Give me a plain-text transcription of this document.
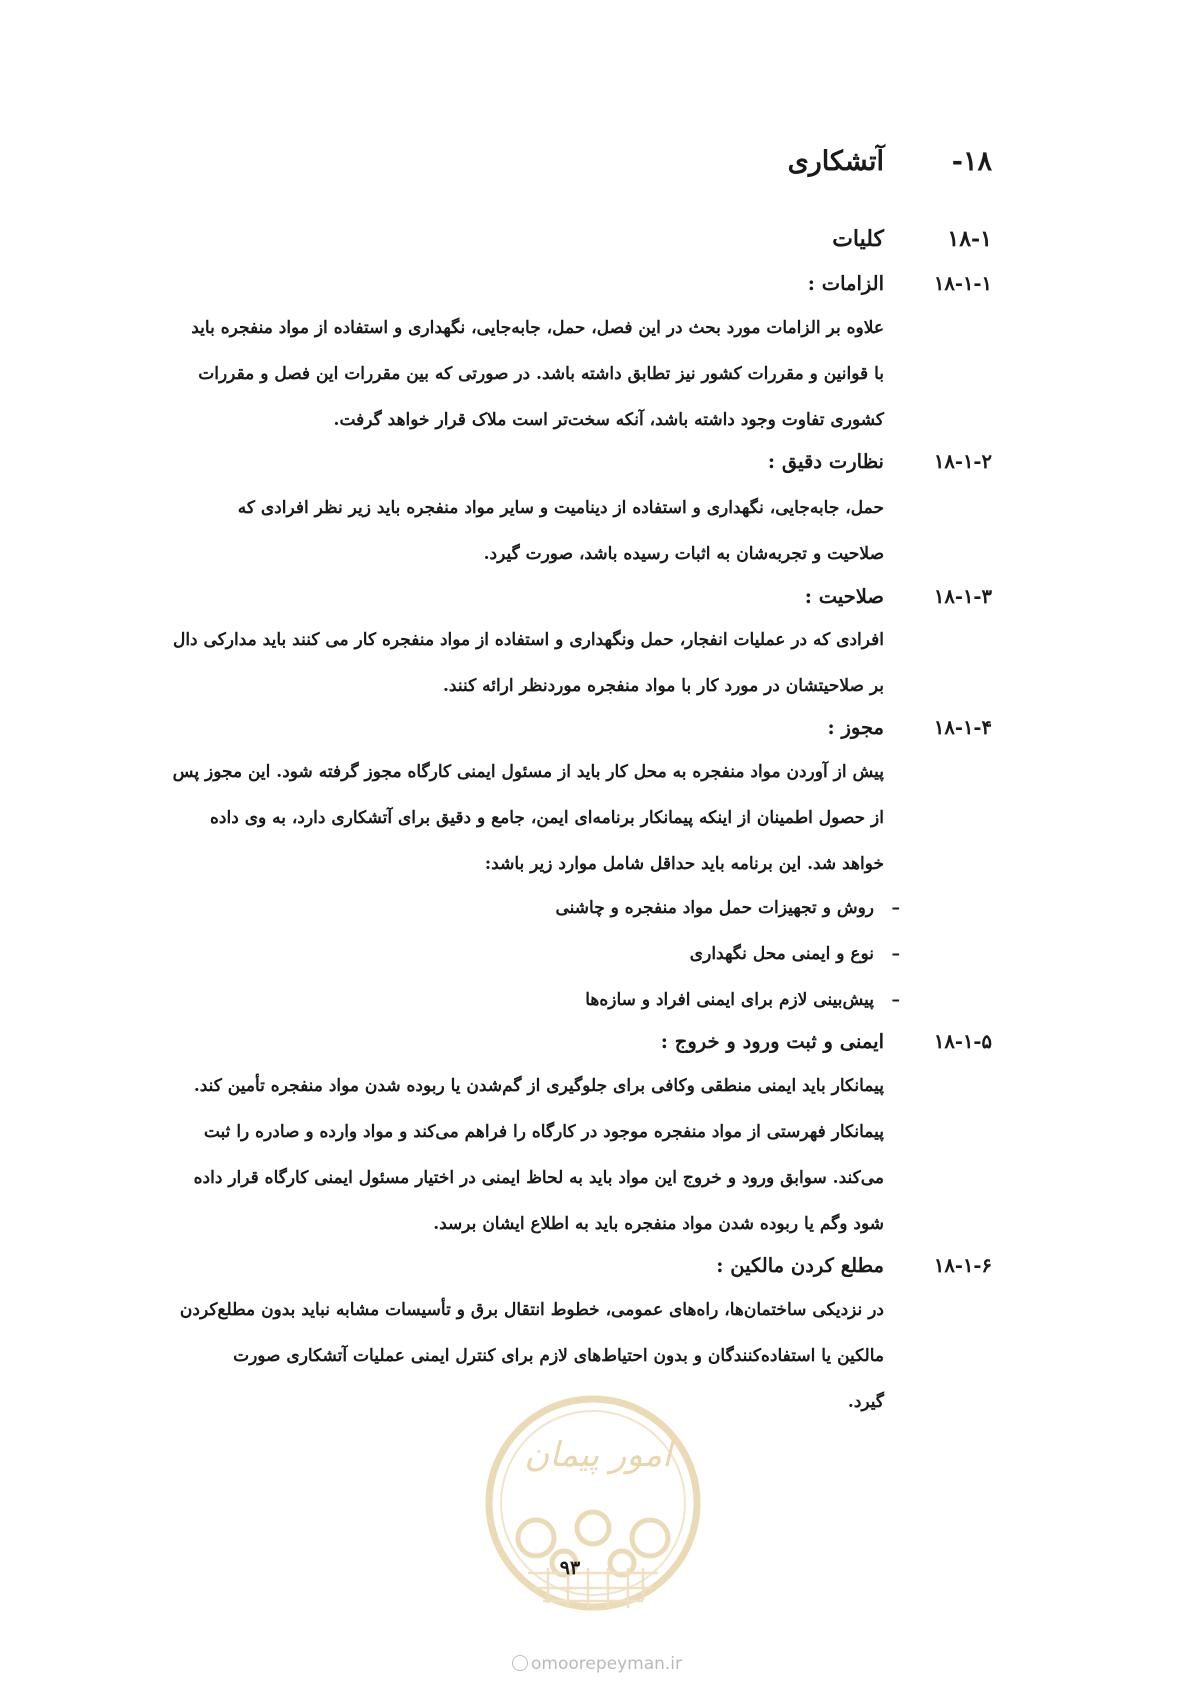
۱۸-
آتشکاری
۱۸-۱
کلیات
۱۸-۱-۱
الزامات :
علاوه بر الزامات مورد بحث در این فصل، حمل، جابه‌جایی، نگهداری و استفاده از مواد منفجره باید
با قوانین و مقررات کشور نیز تطابق داشته باشد. در صورتی که بین مقررات این فصل و مقررات
کشوری تفاوت وجود داشته باشد، آنکه سخت‌تر است ملاک قرار خواهد گرفت.
۱۸-۱-۲
نظارت دقیق :
حمل، جابه‌جایی، نگهداری و استفاده از دینامیت و سایر مواد منفجره باید زیر نظر افرادی که
صلاحیت و تجربه‌شان به اثبات رسیده باشد، صورت گیرد.
۱۸-۱-۳
صلاحیت :
افرادی که در عملیات انفجار، حمل ونگهداری و استفاده از مواد منفجره کار می کنند باید مدارکی دال
بر صلاحیتشان در مورد کار با مواد منفجره موردنظر ارائه کنند.
۱۸-۱-۴
مجوز :
پیش از آوردن مواد منفجره به محل کار باید از مسئول ایمنی کارگاه مجوز گرفته شود. این مجوز پس
از حصول اطمینان از اینکه پیمانکار برنامه‌ای ایمن، جامع و دقیق برای آتشکاری دارد، به وی داده
خواهد شد. این برنامه باید حداقل شامل موارد زیر باشد:
–روش و تجهیزات حمل مواد منفجره و چاشنی
–نوع و ایمنی محل نگهداری
–پیش‌بینی لازم برای ایمنی افراد و سازه‌ها
۱۸-۱-۵
ایمنی و ثبت ورود و خروج :
پیمانکار باید ایمنی منطقی وکافی برای جلوگیری از گم‌شدن یا ربوده شدن مواد منفجره تأمین کند.
پیمانکار فهرستی از مواد منفجره موجود در کارگاه را فراهم می‌کند و مواد وارده و صادره را ثبت
می‌کند. سوابق ورود و خروج این مواد باید به لحاظ ایمنی در اختیار مسئول ایمنی کارگاه قرار داده
شود وگم یا ربوده شدن مواد منفجره باید به اطلاع ایشان برسد.
۱۸-۱-۶
مطلع کردن مالکین :
در نزدیکی ساختمان‌ها، راه‌های عمومی، خطوط انتقال برق و تأسیسات مشابه نباید بدون مطلع‌کردن
مالکین یا استفاده‌کنندگان و بدون احتیاط‌های لازم برای کنترل ایمنی عملیات آتشکاری صورت
گیرد.
امور پیمان
۹۳
omoorepeyman.ir
